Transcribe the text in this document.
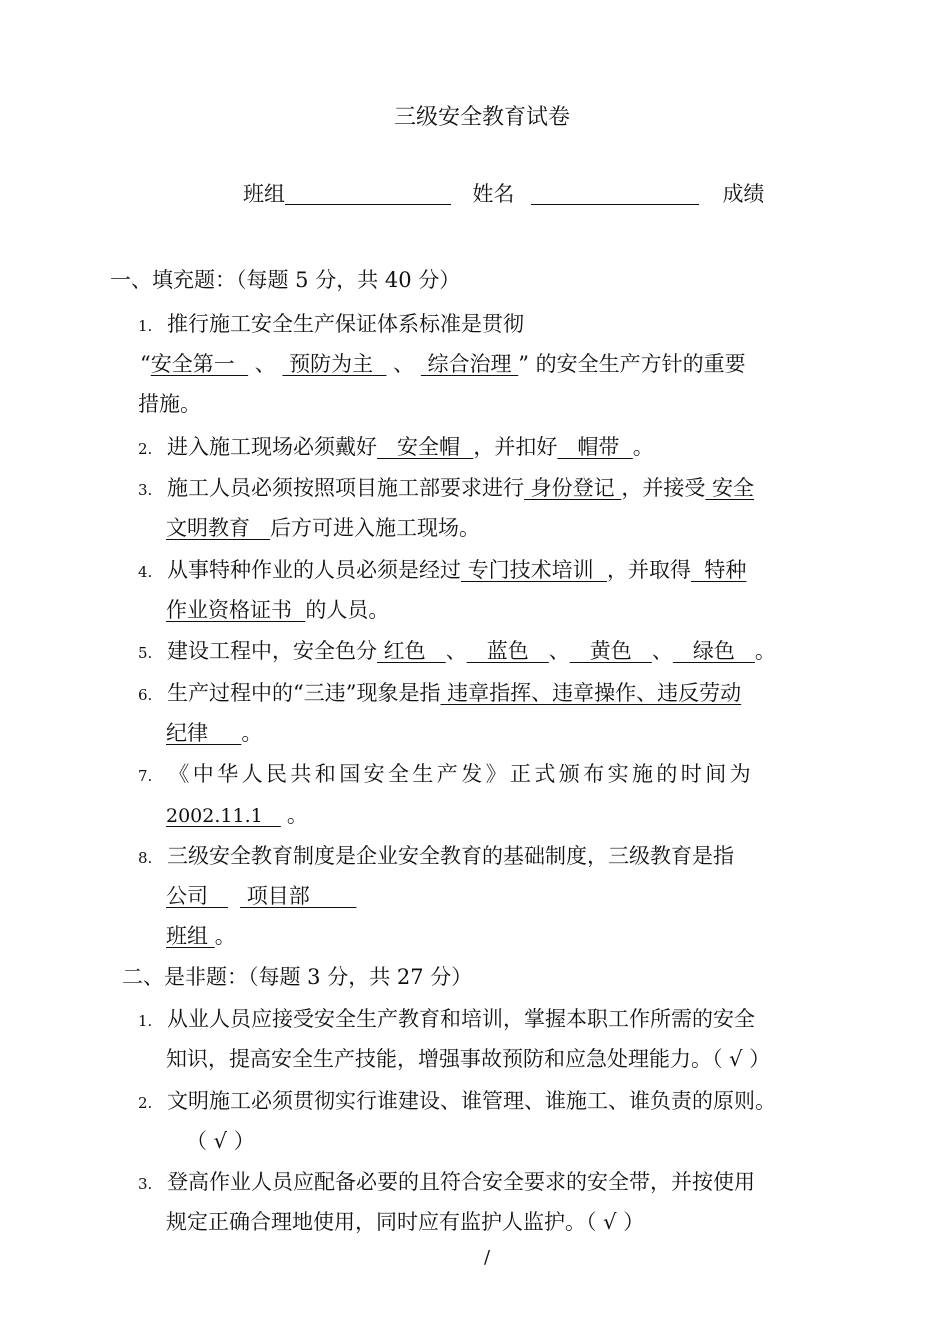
三级安全教育试卷
班组	姓名	成绩
一、填充题：（每题 5 分，共 40 分）
1. 推行施工安全生产保证体系标准是贯彻
“安全第一   、  预防为主   、  综合治理 ” 的安全生产方针的重要
措施。
2. 进入施工现场必须戴好   安全帽  ，并扣好   帽带  。
3. 施工人员必须按照项目施工部要求进行 身份登记 ，并接受 安全
文明教育   后方可进入施工现场。
4. 从事特种作业的人员必须是经过 专门技术培训  ，并取得  特种
作业资格证书  的人员。
5. 建设工程中，安全色分 红色   、   蓝色   、   黄色   、   绿色   。
6. 生产过程中的“三违”现象是指 违章指挥、违章操作、违反劳动
纪律     。
7. 《中华人民共和国安全生产发》正式颁布实施的时间为
2002.11.1   。
8. 三级安全教育制度是企业安全教育的基础制度，三级教育是指
公司    项目部
班组 。
二、是非题：（每题 3 分，共 27 分）
1. 从业人员应接受安全生产教育和培训，掌握本职工作所需的安全
知识，提高安全生产技能，增强事故预防和应急处理能力。（ √ ）
2. 文明施工必须贯彻实行谁建设、谁管理、谁施工、谁负责的原则。
（ √ ）
3. 登高作业人员应配备必要的且符合安全要求的安全带，并按使用
规定正确合理地使用，同时应有监护人监护。（ √ ）
/
